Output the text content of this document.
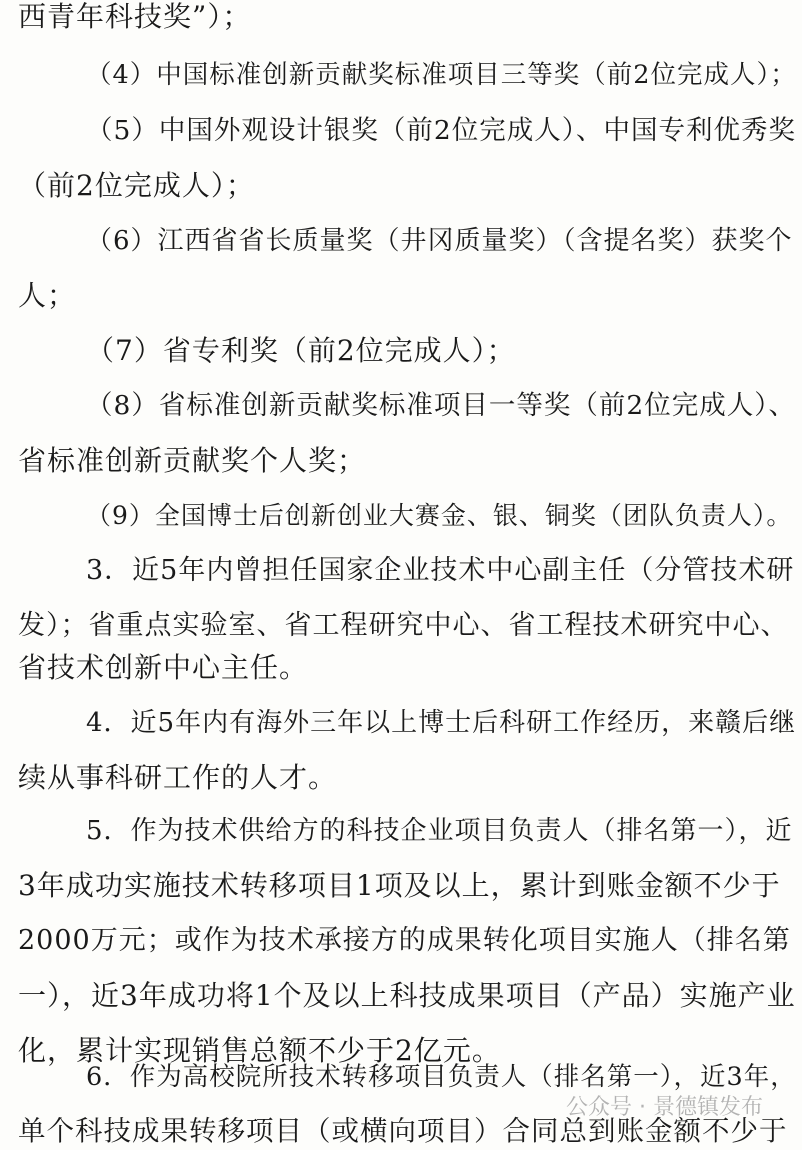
西青年科技奖”）；
（4）中国标准创新贡献奖标准项目三等奖（前2位完成人）；
（5）中国外观设计银奖（前2位完成人）、中国专利优秀奖
（前2位完成人）；
（6）江西省省长质量奖（井冈质量奖）（含提名奖）获奖个
人；
（7）省专利奖（前2位完成人）；
（8）省标准创新贡献奖标准项目一等奖（前2位完成人）、
省标准创新贡献奖个人奖；
（9）全国博士后创新创业大赛金、银、铜奖（团队负责人）。
3．近5年内曾担任国家企业技术中心副主任（分管技术研
发）；省重点实验室、省工程研究中心、省工程技术研究中心、
省技术创新中心主任。
4．近5年内有海外三年以上博士后科研工作经历，来赣后继
续从事科研工作的人才。
5．作为技术供给方的科技企业项目负责人（排名第一），近
3年成功实施技术转移项目1项及以上，累计到账金额不少于
2000万元；或作为技术承接方的成果转化项目实施人（排名第
一），近3年成功将1个及以上科技成果项目（产品）实施产业
化，累计实现销售总额不少于2亿元。
6．作为高校院所技术转移项目负责人（排名第一），近3年，
单个科技成果转移项目（或横向项目）合同总到账金额不少于
公众号 · 景德镇发布
